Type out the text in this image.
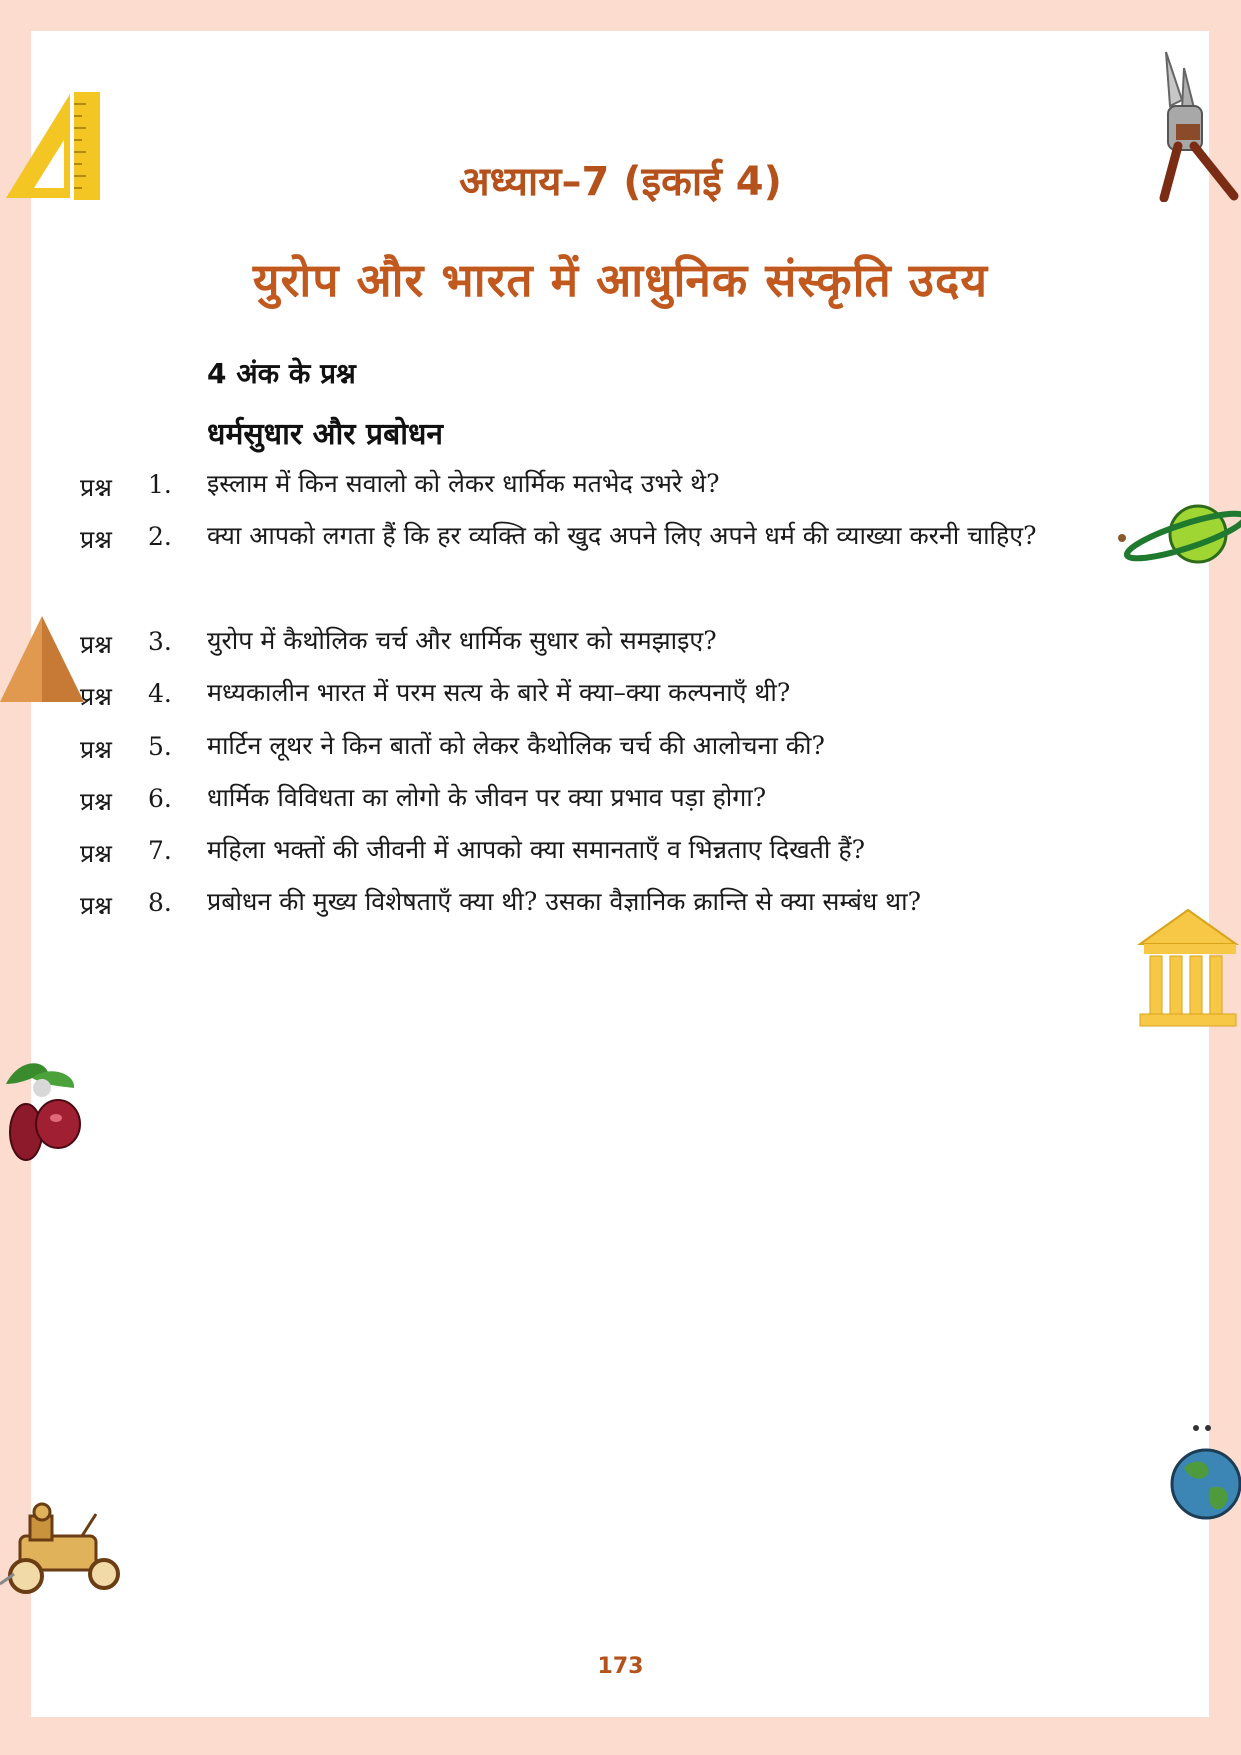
अध्याय–7 (इकाई 4)
युरोप और भारत में आधुनिक संस्कृति उदय
4 अंक के प्रश्न
धर्मसुधार और प्रबोधन
प्रश्न 1. इस्लाम में किन सवालो को लेकर धार्मिक मतभेद उभरे थे?
प्रश्न 2. क्या आपको लगता हैं कि हर व्यक्ति को खुद अपने लिए अपने धर्म की व्याख्या करनी चाहिए?
प्रश्न 3. युरोप में कैथोलिक चर्च और धार्मिक सुधार को समझाइए?
प्रश्न 4. मध्यकालीन भारत में परम सत्य के बारे में क्या–क्या कल्पनाएँ थी?
प्रश्न 5. मार्टिन लूथर ने किन बातों को लेकर कैथोलिक चर्च की आलोचना की?
प्रश्न 6. धार्मिक विविधता का लोगो के जीवन पर क्या प्रभाव पड़ा होगा?
प्रश्न 7. महिला भक्तों की जीवनी में आपको क्या समानताएँ व भिन्नताए दिखती हैं?
प्रश्न 8. प्रबोधन की मुख्य विशेषताएँ क्या थी? उसका वैज्ञानिक क्रान्ति से क्या सम्बंध था?
173
